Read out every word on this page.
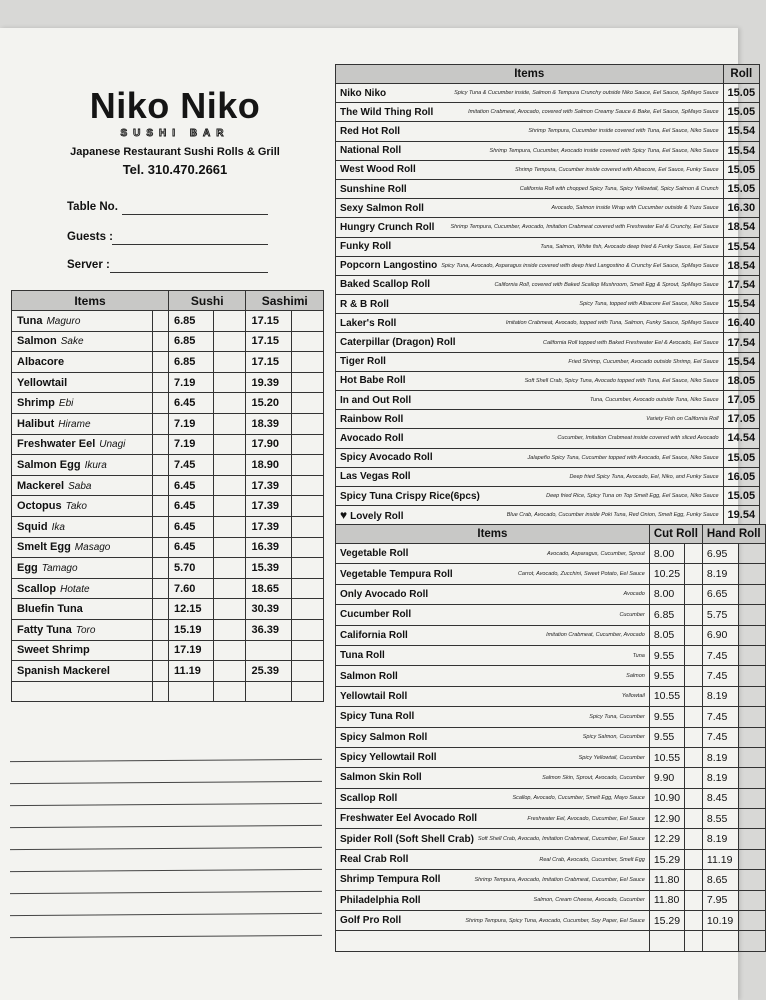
Niko Niko
SUSHI BAR
Japanese Restaurant Sushi Rolls & Grill
Tel. 310.470.2661
Table No.
Guests :
Server :
Items		Sushi		Sashimi	
Tuna Maguro		6.85		17.15	
Salmon Sake		6.85		17.15	
Albacore		6.85		17.15	
Yellowtail		7.19		19.39	
Shrimp Ebi		6.45		15.20	
Halibut Hirame		7.19		18.39	
Freshwater Eel Unagi		7.19		17.90	
Salmon Egg Ikura		7.45		18.90	
Mackerel Saba		6.45		17.39	
Octopus Tako		6.45		17.39	
Squid Ika		6.45		17.39	
Smelt Egg Masago		6.45		16.39	
Egg Tamago		5.70		15.39	
Scallop Hotate		7.60		18.65	
Bluefin Tuna		12.15		30.39	
Fatty Tuna Toro		15.19		36.39	
Sweet Shrimp		17.19			
Spanish Mackerel		11.19		25.39	

Items	Roll

Niko Niko Spicy Tuna & Cucumber inside, Salmon & Tempura Crunchy outside Niko Sauce, Eel Sauce, SpMayo Sauce	15.05

The Wild Thing Roll Imitation Crabmeat, Avocado, covered with Salmon Creamy Sauce & Bake, Eel Sauce, SpMayo Sauce	15.05

Red Hot Roll Shrimp Tempura, Cucumber inside covered with Tuna, Eel Sauce, Niko Sauce	15.54

National Roll Shrimp Tempura, Cucumber, Avocado inside covered with Spicy Tuna, Eel Sauce, Niko Sauce	15.54

West Wood Roll Shrimp Tempura, Cucumber inside covered with Albacore, Eel Sauce, Funky Sauce	15.05

Sunshine Roll California Roll with chopped Spicy Tuna, Spicy Yellowtail, Spicy Salmon & Crunch	15.05

Sexy Salmon Roll Avocado, Salmon inside Wrap with Cucumber outside & Yuzu Sauce	16.30

Hungry Crunch Roll Shrimp Tempura, Cucumber, Avocado, Imitation Crabmeat covered with Freshwater Eel & Crunchy, Eel Sauce	18.54

Funky Roll Tuna, Salmon, White fish, Avocado deep fried & Funky Sauce, Eel Sauce	15.54

Popcorn Langostino Spicy Tuna, Avocado, Asparagus inside covered with deep fried Langostino & Crunchy Eel Sauce, SpMayo Sauce	18.54

Baked Scallop Roll California Roll, covered with Baked Scallop Mushroom, Smelt Egg & Sprout, SpMayo Sauce	17.54

R & B Roll Spicy Tuna, topped with Albacore Eel Sauce, Niko Sauce	15.54

Laker's Roll Imitation Crabmeat, Avocado, topped with Tuna, Salmon, Funky Sauce, SpMayo Sauce	16.40

Caterpillar (Dragon) Roll California Roll topped with Baked Freshwater Eel & Avocado, Eel Sauce	17.54

Tiger Roll Fried Shrimp, Cucumber, Avocado outside Shrimp, Eel Sauce	15.54

Hot Babe Roll Soft Shell Crab, Spicy Tuna, Avocado topped with Tuna, Eel Sauce, Niko Sauce	18.05

In and Out Roll Tuna, Cucumber, Avocado outside Tuna, Niko Sauce	17.05

Rainbow Roll Variety Fish on California Roll	17.05

Avocado Roll Cucumber, Imitation Crabmeat inside covered with sliced Avocado	14.54

Spicy Avocado Roll Jalapeño Spicy Tuna, Cucumber topped with Avocado, Eel Sauce, Niko Sauce	15.05

Las Vegas Roll Deep fried Spicy Tuna, Avocado, Eel, Niko, and Funky Sauce	16.05

Spicy Tuna Crispy Rice(6pcs) Deep fried Rice, Spicy Tuna on Top Smelt Egg, Eel Sauce, Niko Sauce	15.05

♥ Lovely Roll Blue Crab, Avocado, Cucumber inside Poki Tuna, Red Onion, Smelt Egg, Funky Sauce	19.54
Items	Cut Roll		Hand Roll	

Vegetable Roll Avocado, Asparagus, Cucumber, Sprout	8.00		6.95	

Vegetable Tempura Roll Carrot, Avocado, Zucchini, Sweet Potato, Eel Sauce	10.25		8.19	

Only Avocado Roll Avocado	8.00		6.65	

Cucumber Roll Cucumber	6.85		5.75	

California Roll Imitation Crabmeat, Cucumber, Avocado	8.05		6.90	

Tuna Roll Tuna	9.55		7.45	

Salmon Roll Salmon	9.55		7.45	

Yellowtail Roll Yellowtail	10.55		8.19	

Spicy Tuna Roll Spicy Tuna, Cucumber	9.55		7.45	

Spicy Salmon Roll Spicy Salmon, Cucumber	9.55		7.45	

Spicy Yellowtail Roll Spicy Yellowtail, Cucumber	10.55		8.19	

Salmon Skin Roll Salmon Skin, Sprout, Avocado, Cucumber	9.90		8.19	

Scallop Roll Scallop, Avocado, Cucumber, Smelt Egg, Mayo Sauce	10.90		8.45	

Freshwater Eel Avocado Roll Freshwater Eel, Avocado, Cucumber, Eel Sauce	12.90		8.55	

Spider Roll (Soft Shell Crab) Soft Shell Crab, Avocado, Imitation Crabmeat, Cucumber, Eel Sauce	12.29		8.19	

Real Crab Roll Real Crab, Avocado, Cucumber, Smelt Egg	15.29		11.19	

Shrimp Tempura Roll Shrimp Tempura, Avocado, Imitation Crabmeat, Cucumber, Eel Sauce	11.80		8.65	

Philadelphia Roll Salmon, Cream Cheese, Avocado, Cucumber	11.80		7.95	

Golf Pro Roll Shrimp Tempura, Spicy Tuna, Avocado, Cucumber, Soy Paper, Eel Sauce	15.29		10.19	
